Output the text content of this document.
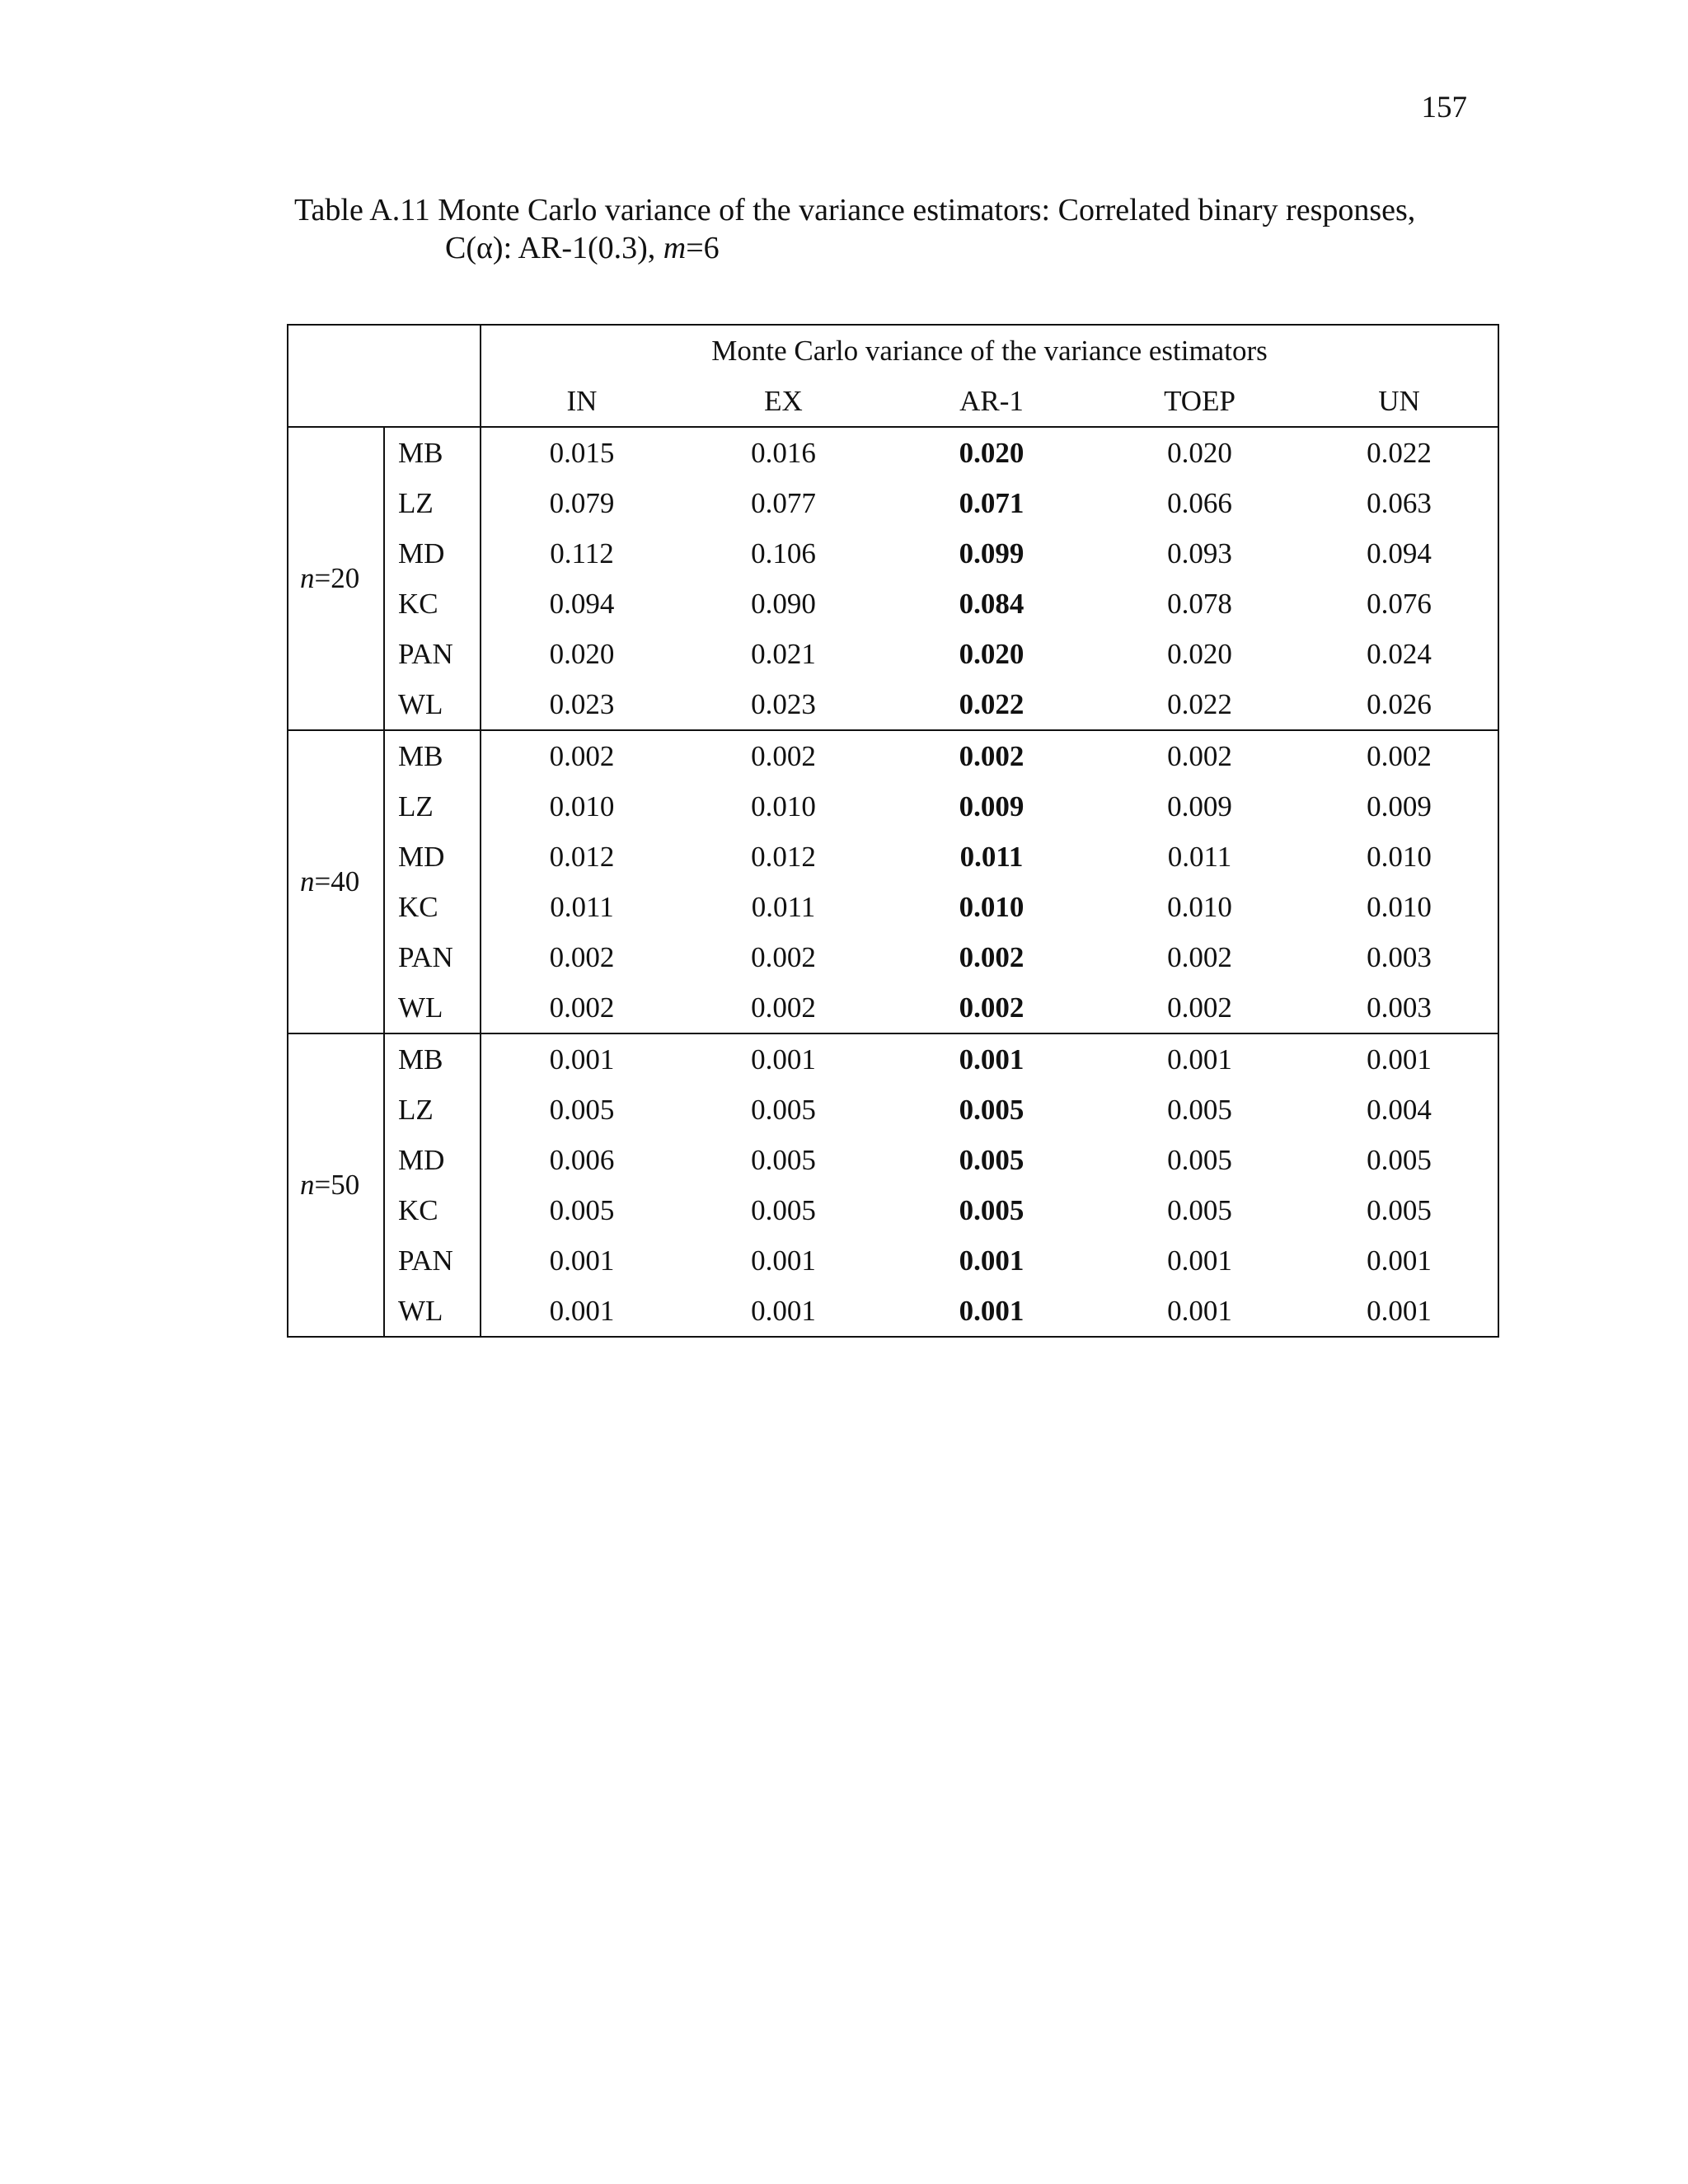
157
Table A.11 Monte Carlo variance of the variance estimators: Correlated binary responses,
C(α): AR-1(0.3), m=6
		Monte Carlo variance of the variance estimators				
		IN	EX	AR-1	TOEP	UN
n=20	MB	0.015	0.016	0.020	0.020	0.022
	LZ	0.079	0.077	0.071	0.066	0.063
	MD	0.112	0.106	0.099	0.093	0.094
	KC	0.094	0.090	0.084	0.078	0.076
	PAN	0.020	0.021	0.020	0.020	0.024
	WL	0.023	0.023	0.022	0.022	0.026
n=40	MB	0.002	0.002	0.002	0.002	0.002
	LZ	0.010	0.010	0.009	0.009	0.009
	MD	0.012	0.012	0.011	0.011	0.010
	KC	0.011	0.011	0.010	0.010	0.010
	PAN	0.002	0.002	0.002	0.002	0.003
	WL	0.002	0.002	0.002	0.002	0.003
n=50	MB	0.001	0.001	0.001	0.001	0.001
	LZ	0.005	0.005	0.005	0.005	0.004
	MD	0.006	0.005	0.005	0.005	0.005
	KC	0.005	0.005	0.005	0.005	0.005
	PAN	0.001	0.001	0.001	0.001	0.001
	WL	0.001	0.001	0.001	0.001	0.001
